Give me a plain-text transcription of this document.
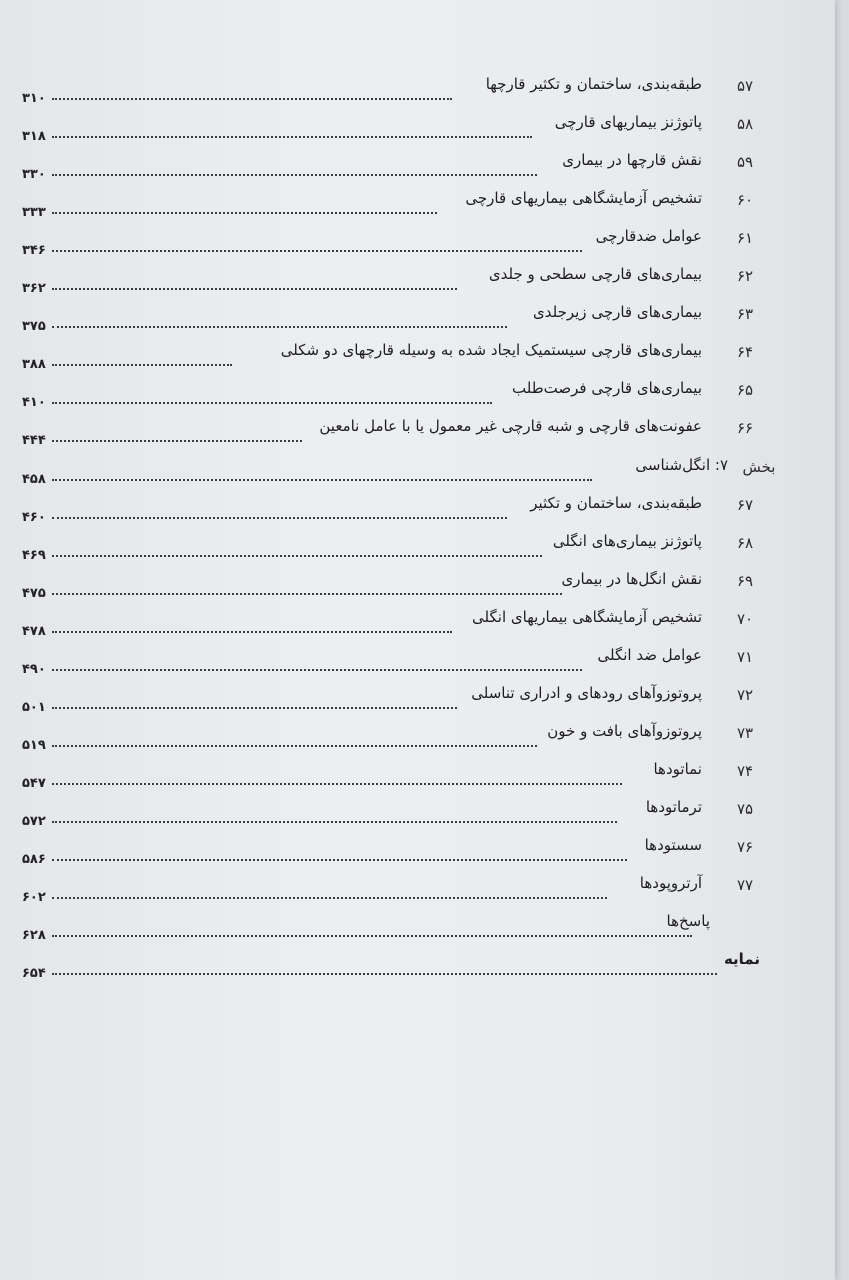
۵۷
طبقه‌بندی، ساختمان و تکثیر قارچها
۳۱۰
۵۸
پاتوژنز بیماریهای قارچی
۳۱۸
۵۹
نقش قارچها در بیماری
۳۳۰
۶۰
تشخیص آزمایشگاهی بیماریهای قارچی
۳۳۳
۶۱
عوامل ضدقارچی
۳۴۶
۶۲
بیماری‌های قارچی سطحی و جلدی
۳۶۲
۶۳
بیماری‌های قارچی زیرجلدی
۳۷۵
۶۴
بیماری‌های قارچی سیستمیک ایجاد شده به وسیله قارچهای دو شکلی
۳۸۸
۶۵
بیماری‌های قارچی فرصت‌طلب
۴۱۰
۶۶
عفونت‌های قارچی و شبه قارچی غیر معمول یا با عامل نامعین
۴۴۴
بخش
۷: انگل‌شناسی
۴۵۸
۶۷
طبقه‌بندی، ساختمان و تکثیر
۴۶۰
۶۸
پاتوژنز بیماری‌های انگلی
۴۶۹
۶۹
نقش انگل‌ها در بیماری
۴۷۵
۷۰
تشخیص آزمایشگاهی بیماریهای انگلی
۴۷۸
۷۱
عوامل ضد انگلی
۴۹۰
۷۲
پروتوزوآهای رودهای و ادراری تناسلی
۵۰۱
۷۳
پروتوزوآهای بافت و خون
۵۱۹
۷۴
نماتودها
۵۴۷
۷۵
ترماتودها
۵۷۲
۷۶
سستودها
۵۸۶
۷۷
آرتروپودها
۶۰۲
پاسخ‌ها
۶۲۸
نمایه
۶۵۴
